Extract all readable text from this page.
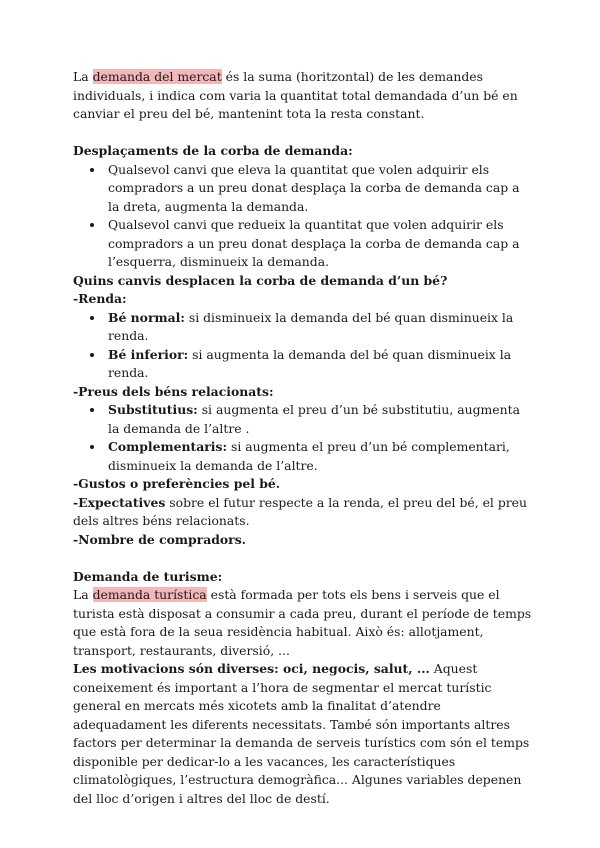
La demanda del mercat és la suma (horitzontal) de les demandes individuals, i indica com varia la quantitat total demandada d’un bé en canviar el preu del bé, mantenint tota la resta constant.

Desplaçaments de la corba de demanda:

Qualsevol canvi que eleva la quantitat que volen adquirir els compradors a un preu donat desplaça la corba de demanda cap a la dreta, augmenta la demanda.
Qualsevol canvi que redueix la quantitat que volen adquirir els compradors a un preu donat desplaça la corba de demanda cap a l’esquerra, disminueix la demanda.

Quins canvis desplacen la corba de demanda d’un bé?

-Renda:

Bé normal: si disminueix la demanda del bé quan disminueix la renda.
Bé inferior: si augmenta la demanda del bé quan disminueix la renda.

-Preus dels béns relacionats:

Substitutius: si augmenta el preu d’un bé substitutiu, augmenta la demanda de l’altre .
Complementaris: si augmenta el preu d’un bé complementari, disminueix la demanda de l’altre.

-Gustos o preferències pel bé.

-Expectatives sobre el futur respecte a la renda, el preu del bé, el preu dels altres béns relacionats.

-Nombre de compradors.

Demanda de turisme:

La demanda turística està formada per tots els bens i serveis que el turista està disposat a consumir a cada preu, durant el període de temps que està fora de la seua residència habitual. Això és: allotjament, transport, restaurants, diversió, ...

Les motivacions són diverses: oci, negocis, salut, ... Aquest coneixement és important a l’hora de segmentar el mercat turístic general en mercats més xicotets amb la finalitat d’atendre adequadament les diferents necessitats. També són importants altres factors per determinar la demanda de serveis turístics com són el temps disponible per dedicar-lo a les vacances, les característiques climatològiques, l’estructura demogràfica... Algunes variables depenen del lloc d’origen i altres del lloc de destí.
